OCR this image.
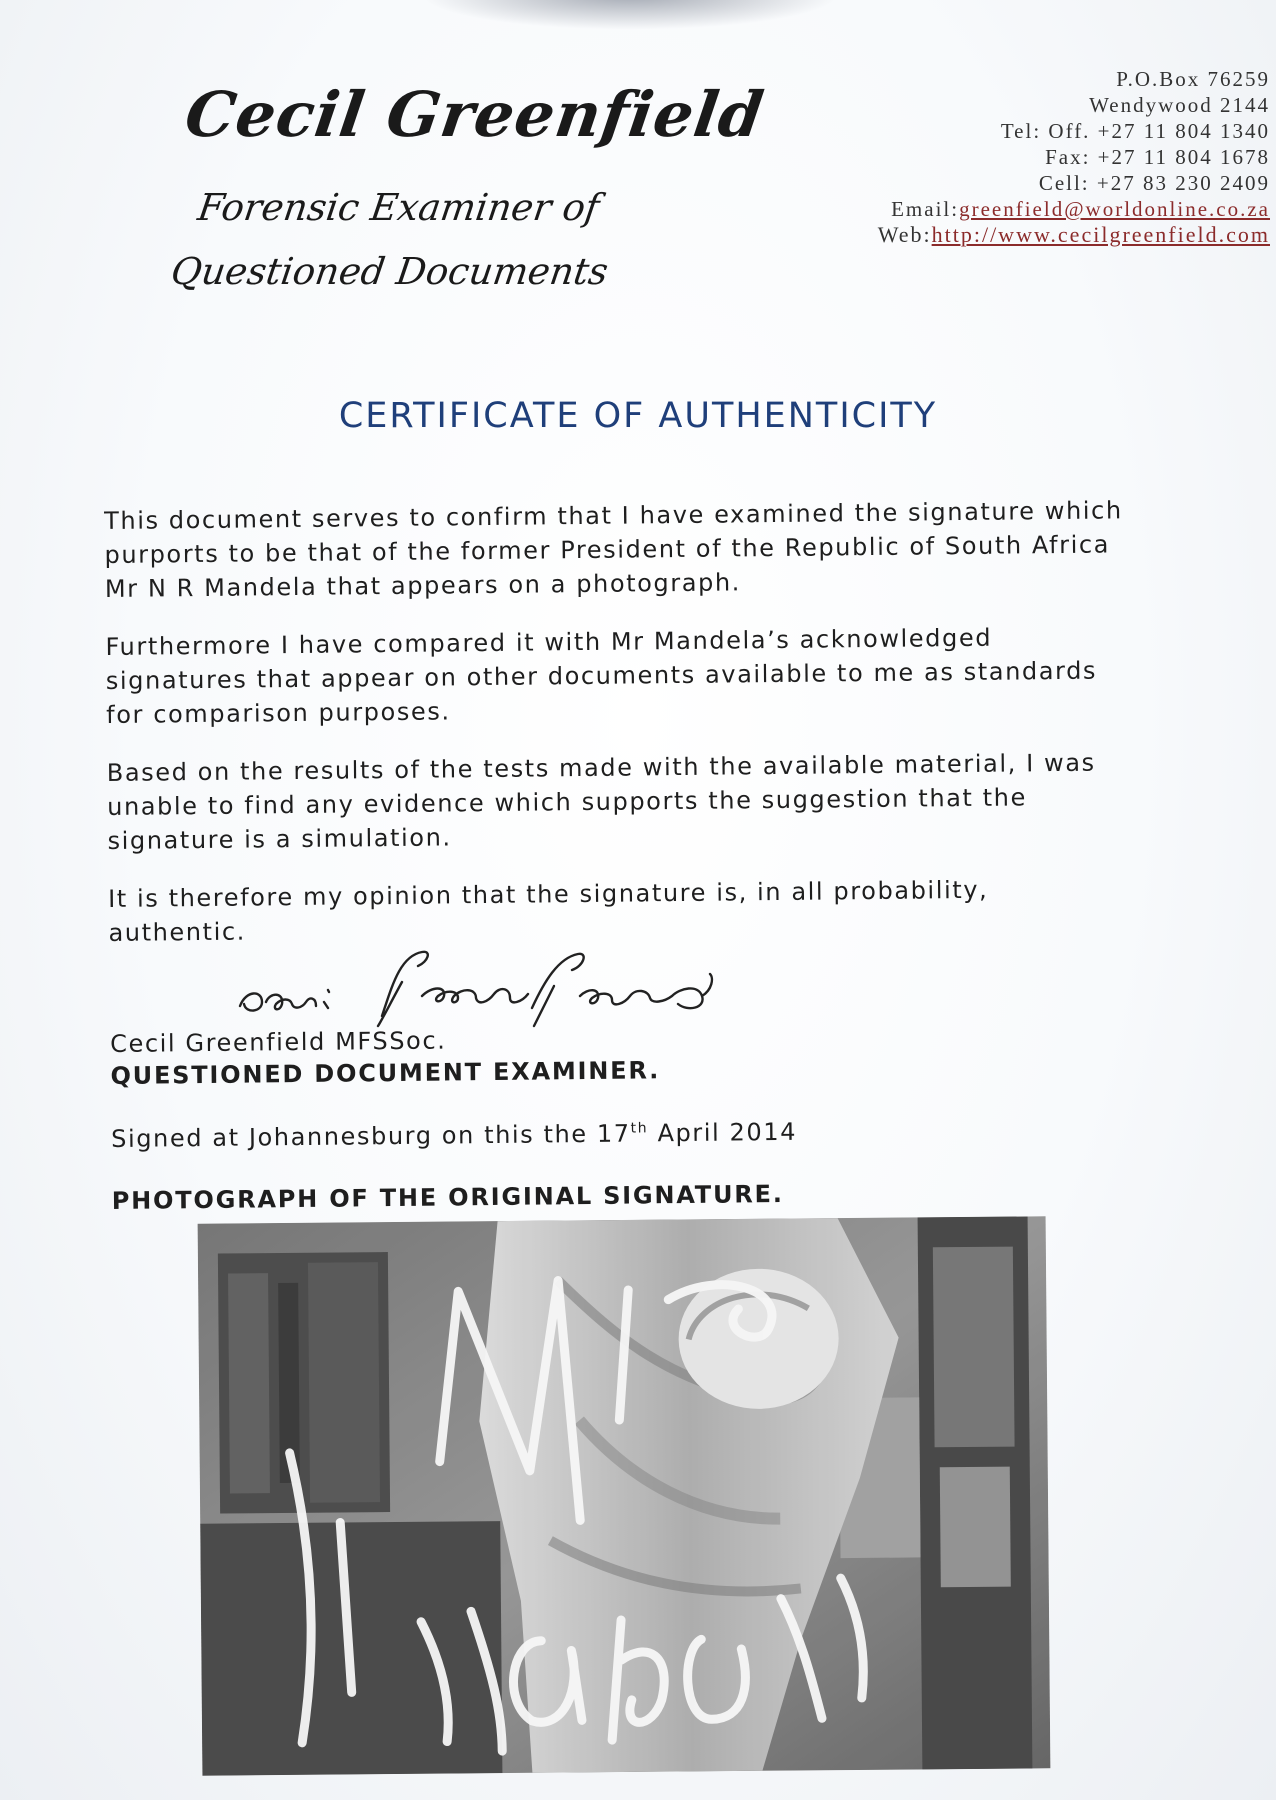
Cecil Greenfield
Forensic Examiner of Questioned Documents
P.O.Box 76259
Wendywood 2144
Tel: Off. +27 11 804 1340
Fax: +27 11 804 1678
Cell: +27 83 230 2409
Email:greenfield@worldonline.co.za
Web:http://www.cecilgreenfield.com
CERTIFICATE OF AUTHENTICITY

This document serves to confirm that I have examined the signature which
purports to be that of the former President of the Republic of South Africa
Mr N R Mandela that appears on a photograph.

Furthermore I have compared it with Mr Mandela’s acknowledged
signatures that appear on other documents available to me as standards
for comparison purposes.

Based on the results of the tests made with the available material, I was
unable to find any evidence which supports the suggestion that the
signature is a simulation.

It is therefore my opinion that the signature is, in all probability,
authentic.

Cecil Greenfield MFSSoc.
QUESTIONED DOCUMENT EXAMINER.
Signed at Johannesburg on this the 17th April 2014
PHOTOGRAPH OF THE ORIGINAL SIGNATURE.
